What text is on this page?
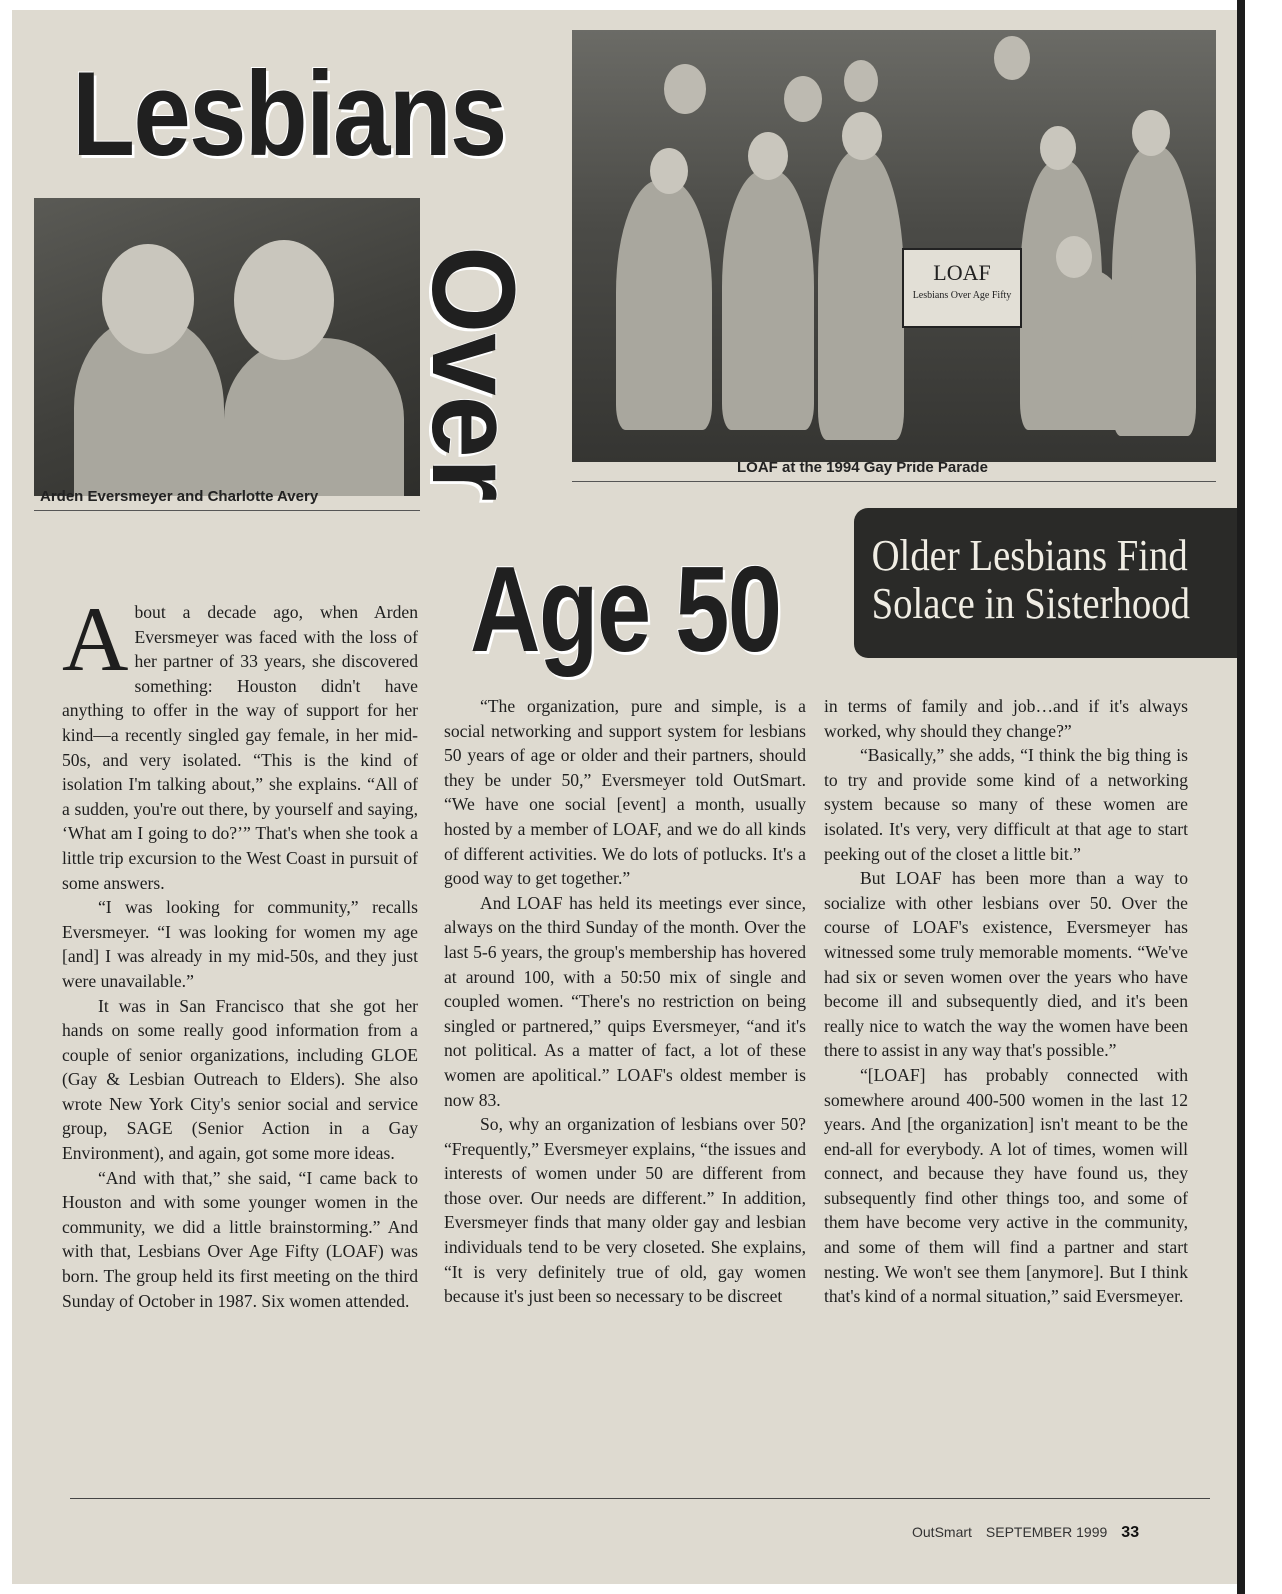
Lesbians

Arden Eversmeyer and Charlotte Avery Over	LOAF
Lesbians Over Age Fifty

LOAF at the 1994 Gay Pride Parade

Age 50	Older Lesbians Find
Solace in Sisterhood

A bout a decade ago, when Arden Eversmeyer was faced with the loss of her partner of 33 years, she discovered something: Houston didn't have anything to offer in the way of support for her kind—a recently singled gay female, in her mid-50s, and very isolated. “This is the kind of isolation I'm talking about,” she explains. “All of a sudden, you're out there, by yourself and saying, ‘What am I going to do?’” That's when she took a little trip excursion to the West Coast in pursuit of some answers.

“I was looking for community,” recalls Eversmeyer. “I was looking for women my age [and] I was already in my mid-50s, and they just were unavailable.”

It was in San Francisco that she got her hands on some really good information from a couple of senior organizations, including GLOE (Gay & Lesbian Outreach to Elders). She also wrote New York City's senior social and service group, SAGE (Senior Action in a Gay Environment), and again, got some more ideas.

“And with that,” she said, “I came back to Houston and with some younger women in the community, we did a little brainstorming.” And with that, Lesbians Over Age Fifty (LOAF) was born. The group held its first meeting on the third Sunday of October in 1987. Six women attended.

“The organization, pure and simple, is a social networking and support system for lesbians 50 years of age or older and their partners, should they be under 50,” Eversmeyer told OutSmart. “We have one social [event] a month, usually hosted by a member of LOAF, and we do all kinds of different activities. We do lots of potlucks. It's a good way to get together.”

And LOAF has held its meetings ever since, always on the third Sunday of the month. Over the last 5-6 years, the group's membership has hovered at around 100, with a 50:50 mix of single and coupled women. “There's no restriction on being singled or partnered,” quips Eversmeyer, “and it's not political. As a matter of fact, a lot of these women are apolitical.” LOAF's oldest member is now 83.

So, why an organization of lesbians over 50? “Frequently,” Eversmeyer explains, “the issues and interests of women under 50 are different from those over. Our needs are different.” In addition, Eversmeyer finds that many older gay and lesbian individuals tend to be very closeted. She explains, “It is very definitely true of old, gay women because it's just been so necessary to be discreet

in terms of family and job…and if it's always worked, why should they change?”

“Basically,” she adds, “I think the big thing is to try and provide some kind of a networking system because so many of these women are isolated. It's very, very difficult at that age to start peeking out of the closet a little bit.”

But LOAF has been more than a way to socialize with other lesbians over 50. Over the course of LOAF's existence, Eversmeyer has witnessed some truly memorable moments. “We've had six or seven women over the years who have become ill and subsequently died, and it's been really nice to watch the way the women have been there to assist in any way that's possible.”

“[LOAF] has probably connected with somewhere around 400-500 women in the last 12 years. And [the organization] isn't meant to be the end-all for everybody. A lot of times, women will connect, and because they have found us, they subsequently find other things too, and some of them have become very active in the community, and some of them will find a partner and start nesting. We won't see them [anymore]. But I think that's kind of a normal situation,” said Eversmeyer.

OutSmart SEPTEMBER 1999 33
